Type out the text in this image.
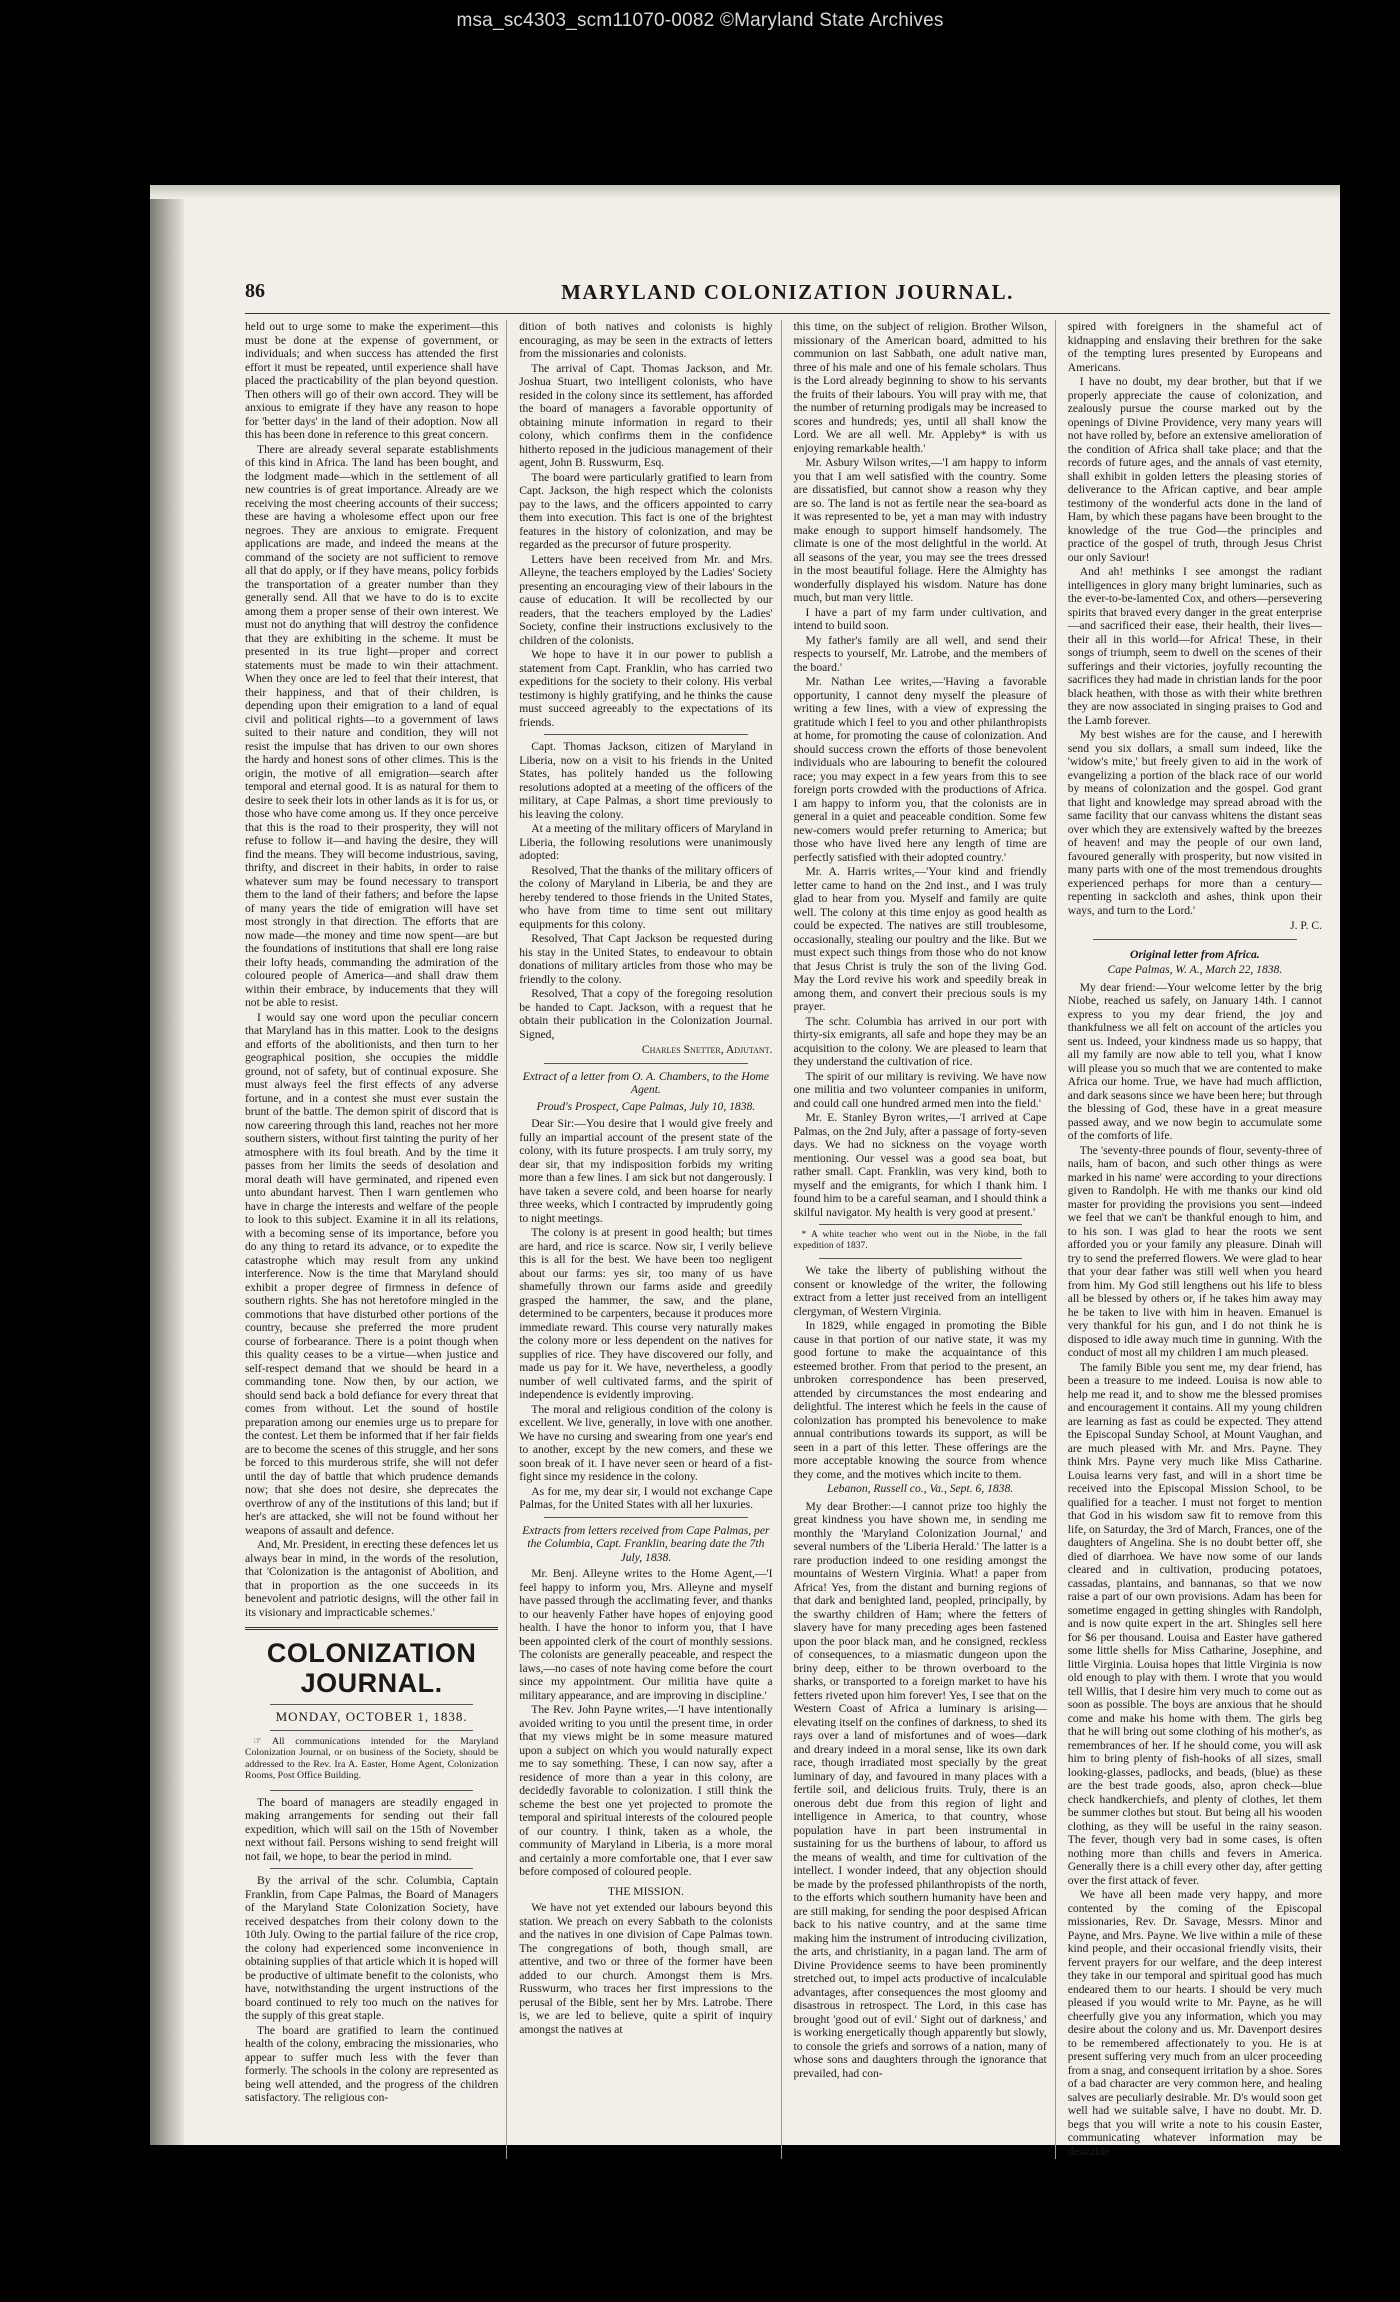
msa_sc4303_scm11070-0082 ©Maryland State Archives
86	MARYLAND COLONIZATION JOURNAL.

held out to urge some to make the experiment—this must be done at the expense of government, or individuals; and when success has attended the first effort it must be repeated, until experience shall have placed the practicability of the plan beyond question. Then others will go of their own accord. They will be anxious to emigrate if they have any reason to hope for 'better days' in the land of their adoption. Now all this has been done in reference to this great concern.

There are already several separate establishments of this kind in Africa. The land has been bought, and the lodgment made—which in the settlement of all new countries is of great importance. Already are we receiving the most cheering accounts of their success; these are having a wholesome effect upon our free negroes. They are anxious to emigrate. Frequent applications are made, and indeed the means at the command of the society are not sufficient to remove all that do apply, or if they have means, policy forbids the transportation of a greater number than they generally send. All that we have to do is to excite among them a proper sense of their own interest. We must not do anything that will destroy the confidence that they are exhibiting in the scheme. It must be presented in its true light—proper and correct statements must be made to win their attachment. When they once are led to feel that their interest, that their happiness, and that of their children, is depending upon their emigration to a land of equal civil and political rights—to a government of laws suited to their nature and condition, they will not resist the impulse that has driven to our own shores the hardy and honest sons of other climes. This is the origin, the motive of all emigration—search after temporal and eternal good. It is as natural for them to desire to seek their lots in other lands as it is for us, or those who have come among us. If they once perceive that this is the road to their prosperity, they will not refuse to follow it—and having the desire, they will find the means. They will become industrious, saving, thrifty, and discreet in their habits, in order to raise whatever sum may be found necessary to transport them to the land of their fathers; and before the lapse of many years the tide of emigration will have set most strongly in that direction. The efforts that are now made—the money and time now spent—are but the foundations of institutions that shall ere long raise their lofty heads, commanding the admiration of the coloured people of America—and shall draw them within their embrace, by inducements that they will not be able to resist.

I would say one word upon the peculiar concern that Maryland has in this matter. Look to the designs and efforts of the abolitionists, and then turn to her geographical position, she occupies the middle ground, not of safety, but of continual exposure. She must always feel the first effects of any adverse fortune, and in a contest she must ever sustain the brunt of the battle. The demon spirit of discord that is now careering through this land, reaches not her more southern sisters, without first tainting the purity of her atmosphere with its foul breath. And by the time it passes from her limits the seeds of desolation and moral death will have germinated, and ripened even unto abundant harvest. Then I warn gentlemen who have in charge the interests and welfare of the people to look to this subject. Examine it in all its relations, with a becoming sense of its importance, before you do any thing to retard its advance, or to expedite the catastrophe which may result from any unkind interference. Now is the time that Maryland should exhibit a proper degree of firmness in defence of southern rights. She has not heretofore mingled in the commotions that have disturbed other portions of the country, because she preferred the more prudent course of forbearance. There is a point though when this quality ceases to be a virtue—when justice and self-respect demand that we should be heard in a commanding tone. Now then, by our action, we should send back a bold defiance for every threat that comes from without. Let the sound of hostile preparation among our enemies urge us to prepare for the contest. Let them be informed that if her fair fields are to become the scenes of this struggle, and her sons be forced to this murderous strife, she will not defer until the day of battle that which prudence demands now; that she does not desire, she deprecates the overthrow of any of the institutions of this land; but if her's are attacked, she will not be found without her weapons of assault and defence.

And, Mr. President, in erecting these defences let us always bear in mind, in the words of the resolution, that 'Colonization is the antagonist of Abolition, and that in proportion as the one succeeds in its benevolent and patriotic designs, will the other fail in its visionary and impracticable schemes.'

COLONIZATION JOURNAL.
MONDAY, OCTOBER 1, 1838.

☞ All communications intended for the Maryland Colonization Journal, or on business of the Society, should be addressed to the Rev. Ira A. Easter, Home Agent, Colonization Rooms, Post Office Building.

The board of managers are steadily engaged in making arrangements for sending out their fall expedition, which will sail on the 15th of November next without fail. Persons wishing to send freight will not fail, we hope, to bear the period in mind.

By the arrival of the schr. Columbia, Captain Franklin, from Cape Palmas, the Board of Managers of the Maryland State Colonization Society, have received despatches from their colony down to the 10th July. Owing to the partial failure of the rice crop, the colony had experienced some inconvenience in obtaining supplies of that article which it is hoped will be productive of ultimate benefit to the colonists, who have, notwithstanding the urgent instructions of the board continued to rely too much on the natives for the supply of this great staple.

The board are gratified to learn the continued health of the colony, embracing the missionaries, who appear to suffer much less with the fever than formerly. The schools in the colony are represented as being well attended, and the progress of the children satisfactory. The religious con-

dition of both natives and colonists is highly encouraging, as may be seen in the extracts of letters from the missionaries and colonists.

The arrival of Capt. Thomas Jackson, and Mr. Joshua Stuart, two intelligent colonists, who have resided in the colony since its settlement, has afforded the board of managers a favorable opportunity of obtaining minute information in regard to their colony, which confirms them in the confidence hitherto reposed in the judicious management of their agent, John B. Russwurm, Esq.

The board were particularly gratified to learn from Capt. Jackson, the high respect which the colonists pay to the laws, and the officers appointed to carry them into execution. This fact is one of the brightest features in the history of colonization, and may be regarded as the precursor of future prosperity.

Letters have been received from Mr. and Mrs. Alleyne, the teachers employed by the Ladies' Society presenting an encouraging view of their labours in the cause of education. It will be recollected by our readers, that the teachers employed by the Ladies' Society, confine their instructions exclusively to the children of the colonists.

We hope to have it in our power to publish a statement from Capt. Franklin, who has carried two expeditions for the society to their colony. His verbal testimony is highly gratifying, and he thinks the cause must succeed agreeably to the expectations of its friends.

Capt. Thomas Jackson, citizen of Maryland in Liberia, now on a visit to his friends in the United States, has politely handed us the following resolutions adopted at a meeting of the officers of the military, at Cape Palmas, a short time previously to his leaving the colony.

At a meeting of the military officers of Maryland in Liberia, the following resolutions were unanimously adopted:

Resolved, That the thanks of the military officers of the colony of Maryland in Liberia, be and they are hereby tendered to those friends in the United States, who have from time to time sent out military equipments for this colony.

Resolved, That Capt Jackson be requested during his stay in the United States, to endeavour to obtain donations of military articles from those who may be friendly to the colony.

Resolved, That a copy of the foregoing resolution be handed to Capt. Jackson, with a request that he obtain their publication in the Colonization Journal. Signed,

Charles Snetter, Adjutant.

Extract of a letter from O. A. Chambers, to the Home Agent.

Proud's Prospect, Cape Palmas, July 10, 1838.

Dear Sir:—You desire that I would give freely and fully an impartial account of the present state of the colony, with its future prospects. I am truly sorry, my dear sir, that my indisposition forbids my writing more than a few lines. I am sick but not dangerously. I have taken a severe cold, and been hoarse for nearly three weeks, which I contracted by imprudently going to night meetings.

The colony is at present in good health; but times are hard, and rice is scarce. Now sir, I verily believe this is all for the best. We have been too negligent about our farms: yes sir, too many of us have shamefully thrown our farms aside and greedily grasped the hammer, the saw, and the plane, determined to be carpenters, because it produces more immediate reward. This course very naturally makes the colony more or less dependent on the natives for supplies of rice. They have discovered our folly, and made us pay for it. We have, nevertheless, a goodly number of well cultivated farms, and the spirit of independence is evidently improving.

The moral and religious condition of the colony is excellent. We live, generally, in love with one another. We have no cursing and swearing from one year's end to another, except by the new comers, and these we soon break of it. I have never seen or heard of a fist-fight since my residence in the colony.

As for me, my dear sir, I would not exchange Cape Palmas, for the United States with all her luxuries.

Extracts from letters received from Cape Palmas, per the Columbia, Capt. Franklin, bearing date the 7th July, 1838.

Mr. Benj. Alleyne writes to the Home Agent,—'I feel happy to inform you, Mrs. Alleyne and myself have passed through the acclimating fever, and thanks to our heavenly Father have hopes of enjoying good health. I have the honor to inform you, that I have been appointed clerk of the court of monthly sessions. The colonists are generally peaceable, and respect the laws,—no cases of note having come before the court since my appointment. Our militia have quite a military appearance, and are improving in discipline.'

The Rev. John Payne writes,—'I have intentionally avoided writing to you until the present time, in order that my views might be in some measure matured upon a subject on which you would naturally expect me to say something. These, I can now say, after a residence of more than a year in this colony, are decidedly favorable to colonization. I still think the scheme the best one yet projected to promote the temporal and spiritual interests of the coloured people of our country. I think, taken as a whole, the community of Maryland in Liberia, is a more moral and certainly a more comfortable one, that I ever saw before composed of coloured people.

THE MISSION.

We have not yet extended our labours beyond this station. We preach on every Sabbath to the colonists and the natives in one division of Cape Palmas town. The congregations of both, though small, are attentive, and two or three of the former have been added to our church. Amongst them is Mrs. Russwurm, who traces her first impressions to the perusal of the Bible, sent her by Mrs. Latrobe. There is, we are led to believe, quite a spirit of inquiry amongst the natives at

this time, on the subject of religion. Brother Wilson, missionary of the American board, admitted to his communion on last Sabbath, one adult native man, three of his male and one of his female scholars. Thus is the Lord already beginning to show to his servants the fruits of their labours. You will pray with me, that the number of returning prodigals may be increased to scores and hundreds; yes, until all shall know the Lord. We are all well. Mr. Appleby* is with us enjoying remarkable health.'

Mr. Asbury Wilson writes,—'I am happy to inform you that I am well satisfied with the country. Some are dissatisfied, but cannot show a reason why they are so. The land is not as fertile near the sea-board as it was represented to be, yet a man may with industry make enough to support himself handsomely. The climate is one of the most delightful in the world. At all seasons of the year, you may see the trees dressed in the most beautiful foliage. Here the Almighty has wonderfully displayed his wisdom. Nature has done much, but man very little.

I have a part of my farm under cultivation, and intend to build soon.

My father's family are all well, and send their respects to yourself, Mr. Latrobe, and the members of the board.'

Mr. Nathan Lee writes,—'Having a favorable opportunity, I cannot deny myself the pleasure of writing a few lines, with a view of expressing the gratitude which I feel to you and other philanthropists at home, for promoting the cause of colonization. And should success crown the efforts of those benevolent individuals who are labouring to benefit the coloured race; you may expect in a few years from this to see foreign ports crowded with the productions of Africa. I am happy to inform you, that the colonists are in general in a quiet and peaceable condition. Some few new-comers would prefer returning to America; but those who have lived here any length of time are perfectly satisfied with their adopted country.'

Mr. A. Harris writes,—'Your kind and friendly letter came to hand on the 2nd inst., and I was truly glad to hear from you. Myself and family are quite well. The colony at this time enjoy as good health as could be expected. The natives are still troublesome, occasionally, stealing our poultry and the like. But we must expect such things from those who do not know that Jesus Christ is truly the son of the living God. May the Lord revive his work and speedily break in among them, and convert their precious souls is my prayer.

The schr. Columbia has arrived in our port with thirty-six emigrants, all safe and hope they may be an acquisition to the colony. We are pleased to learn that they understand the cultivation of rice.

The spirit of our military is reviving. We have now one militia and two volunteer companies in uniform, and could call one hundred armed men into the field.'

Mr. E. Stanley Byron writes,—'I arrived at Cape Palmas, on the 2nd July, after a passage of forty-seven days. We had no sickness on the voyage worth mentioning. Our vessel was a good sea boat, but rather small. Capt. Franklin, was very kind, both to myself and the emigrants, for which I thank him. I found him to be a careful seaman, and I should think a skilful navigator. My health is very good at present.'

* A white teacher who went out in the Niobe, in the fall expedition of 1837.

We take the liberty of publishing without the consent or knowledge of the writer, the following extract from a letter just received from an intelligent clergyman, of Western Virginia.

In 1829, while engaged in promoting the Bible cause in that portion of our native state, it was my good fortune to make the acquaintance of this esteemed brother. From that period to the present, an unbroken correspondence has been preserved, attended by circumstances the most endearing and delightful. The interest which he feels in the cause of colonization has prompted his benevolence to make annual contributions towards its support, as will be seen in a part of this letter. These offerings are the more acceptable knowing the source from whence they come, and the motives which incite to them.

Lebanon, Russell co., Va., Sept. 6, 1838.

My dear Brother:—I cannot prize too highly the great kindness you have shown me, in sending me monthly the 'Maryland Colonization Journal,' and several numbers of the 'Liberia Herald.' The latter is a rare production indeed to one residing amongst the mountains of Western Virginia. What! a paper from Africa! Yes, from the distant and burning regions of that dark and benighted land, peopled, principally, by the swarthy children of Ham; where the fetters of slavery have for many preceding ages been fastened upon the poor black man, and he consigned, reckless of consequences, to a miasmatic dungeon upon the briny deep, either to be thrown overboard to the sharks, or transported to a foreign market to have his fetters riveted upon him forever! Yes, I see that on the Western Coast of Africa a luminary is arising—elevating itself on the confines of darkness, to shed its rays over a land of misfortunes and of woes—dark and dreary indeed in a moral sense, like its own dark race, though irradiated most specially by the great luminary of day, and favoured in many places with a fertile soil, and delicious fruits. Truly, there is an onerous debt due from this region of light and intelligence in America, to that country, whose population have in part been instrumental in sustaining for us the burthens of labour, to afford us the means of wealth, and time for cultivation of the intellect. I wonder indeed, that any objection should be made by the professed philanthropists of the north, to the efforts which southern humanity have been and are still making, for sending the poor despised African back to his native country, and at the same time making him the instrument of introducing civilization, the arts, and christianity, in a pagan land. The arm of Divine Providence seems to have been prominently stretched out, to impel acts productive of incalculable advantages, after consequences the most gloomy and disastrous in retrospect. The Lord, in this case has brought 'good out of evil.' Sight out of darkness,' and is working energetically though apparently but slowly, to console the griefs and sorrows of a nation, many of whose sons and daughters through the ignorance that prevailed, had con-

spired with foreigners in the shameful act of kidnapping and enslaving their brethren for the sake of the tempting lures presented by Europeans and Americans.

I have no doubt, my dear brother, but that if we properly appreciate the cause of colonization, and zealously pursue the course marked out by the openings of Divine Providence, very many years will not have rolled by, before an extensive amelioration of the condition of Africa shall take place; and that the records of future ages, and the annals of vast eternity, shall exhibit in golden letters the pleasing stories of deliverance to the African captive, and bear ample testimony of the wonderful acts done in the land of Ham, by which these pagans have been brought to the knowledge of the true God—the principles and practice of the gospel of truth, through Jesus Christ our only Saviour!

And ah! methinks I see amongst the radiant intelligences in glory many bright luminaries, such as the ever-to-be-lamented Cox, and others—persevering spirits that braved every danger in the great enterprise—and sacrificed their ease, their health, their lives—their all in this world—for Africa! These, in their songs of triumph, seem to dwell on the scenes of their sufferings and their victories, joyfully recounting the sacrifices they had made in christian lands for the poor black heathen, with those as with their white brethren they are now associated in singing praises to God and the Lamb forever.

My best wishes are for the cause, and I herewith send you six dollars, a small sum indeed, like the 'widow's mite,' but freely given to aid in the work of evangelizing a portion of the black race of our world by means of colonization and the gospel. God grant that light and knowledge may spread abroad with the same facility that our canvass whitens the distant seas over which they are extensively wafted by the breezes of heaven! and may the people of our own land, favoured generally with prosperity, but now visited in many parts with one of the most tremendous droughts experienced perhaps for more than a century—repenting in sackcloth and ashes, think upon their ways, and turn to the Lord.'

J. P. C.

Original letter from Africa.

Cape Palmas, W. A., March 22, 1838.

My dear friend:—Your welcome letter by the brig Niobe, reached us safely, on January 14th. I cannot express to you my dear friend, the joy and thankfulness we all felt on account of the articles you sent us. Indeed, your kindness made us so happy, that all my family are now able to tell you, what I know will please you so much that we are contented to make Africa our home. True, we have had much affliction, and dark seasons since we have been here; but through the blessing of God, these have in a great measure passed away, and we now begin to accumulate some of the comforts of life.

The 'seventy-three pounds of flour, seventy-three of nails, ham of bacon, and such other things as were marked in his name' were according to your directions given to Randolph. He with me thanks our kind old master for providing the provisions you sent—indeed we feel that we can't be thankful enough to him, and to his son. I was glad to hear the roots we sent afforded you or your family any pleasure. Dinah will try to send the preferred flowers. We were glad to hear that your dear father was still well when you heard from him. My God still lengthens out his life to bless all be blessed by others or, if he takes him away may he be taken to live with him in heaven. Emanuel is very thankful for his gun, and I do not think he is disposed to idle away much time in gunning. With the conduct of most all my children I am much pleased.

The family Bible you sent me, my dear friend, has been a treasure to me indeed. Louisa is now able to help me read it, and to show me the blessed promises and encouragement it contains. All my young children are learning as fast as could be expected. They attend the Episcopal Sunday School, at Mount Vaughan, and are much pleased with Mr. and Mrs. Payne. They think Mrs. Payne very much like Miss Catharine. Louisa learns very fast, and will in a short time be received into the Episcopal Mission School, to be qualified for a teacher. I must not forget to mention that God in his wisdom saw fit to remove from this life, on Saturday, the 3rd of March, Frances, one of the daughters of Angelina. She is no doubt better off, she died of diarrhoea. We have now some of our lands cleared and in cultivation, producing potatoes, cassadas, plantains, and bannanas, so that we now raise a part of our own provisions. Adam has been for sometime engaged in getting shingles with Randolph, and is now quite expert in the art. Shingles sell here for $6 per thousand. Louisa and Easter have gathered some little shells for Miss Catharine, Josephine, and little Virginia. Louisa hopes that little Virginia is now old enough to play with them. I wrote that you would tell Willis, that I desire him very much to come out as soon as possible. The boys are anxious that he should come and make his home with them. The girls beg that he will bring out some clothing of his mother's, as remembrances of her. If he should come, you will ask him to bring plenty of fish-hooks of all sizes, small looking-glasses, padlocks, and beads, (blue) as these are the best trade goods, also, apron check—blue check handkerchiefs, and plenty of clothes, let them be summer clothes but stout. But being all his wooden clothing, as they will be useful in the rainy season. The fever, though very bad in some cases, is often nothing more than chills and fevers in America. Generally there is a chill every other day, after getting over the first attack of fever.

We have all been made very happy, and more contented by the coming of the Episcopal missionaries, Rev. Dr. Savage, Messrs. Minor and Payne, and Mrs. Payne. We live within a mile of these kind people, and their occasional friendly visits, their fervent prayers for our welfare, and the deep interest they take in our temporal and spiritual good has much endeared them to our hearts. I should be very much pleased if you would write to Mr. Payne, as he will cheerfully give you any information, which you may desire about the colony and us. Mr. Davenport desires to be remembered affectionately to you. He is at present suffering very much from an ulcer proceeding from a snag, and consequent irritation by a shoe. Sores of a bad character are very common here, and healing salves are peculiarly desirable. Mr. D's would soon get well had we suitable salve, I have no doubt. Mr. D. begs that you will write a note to his cousin Easter, communicating whatever information may be desirable
